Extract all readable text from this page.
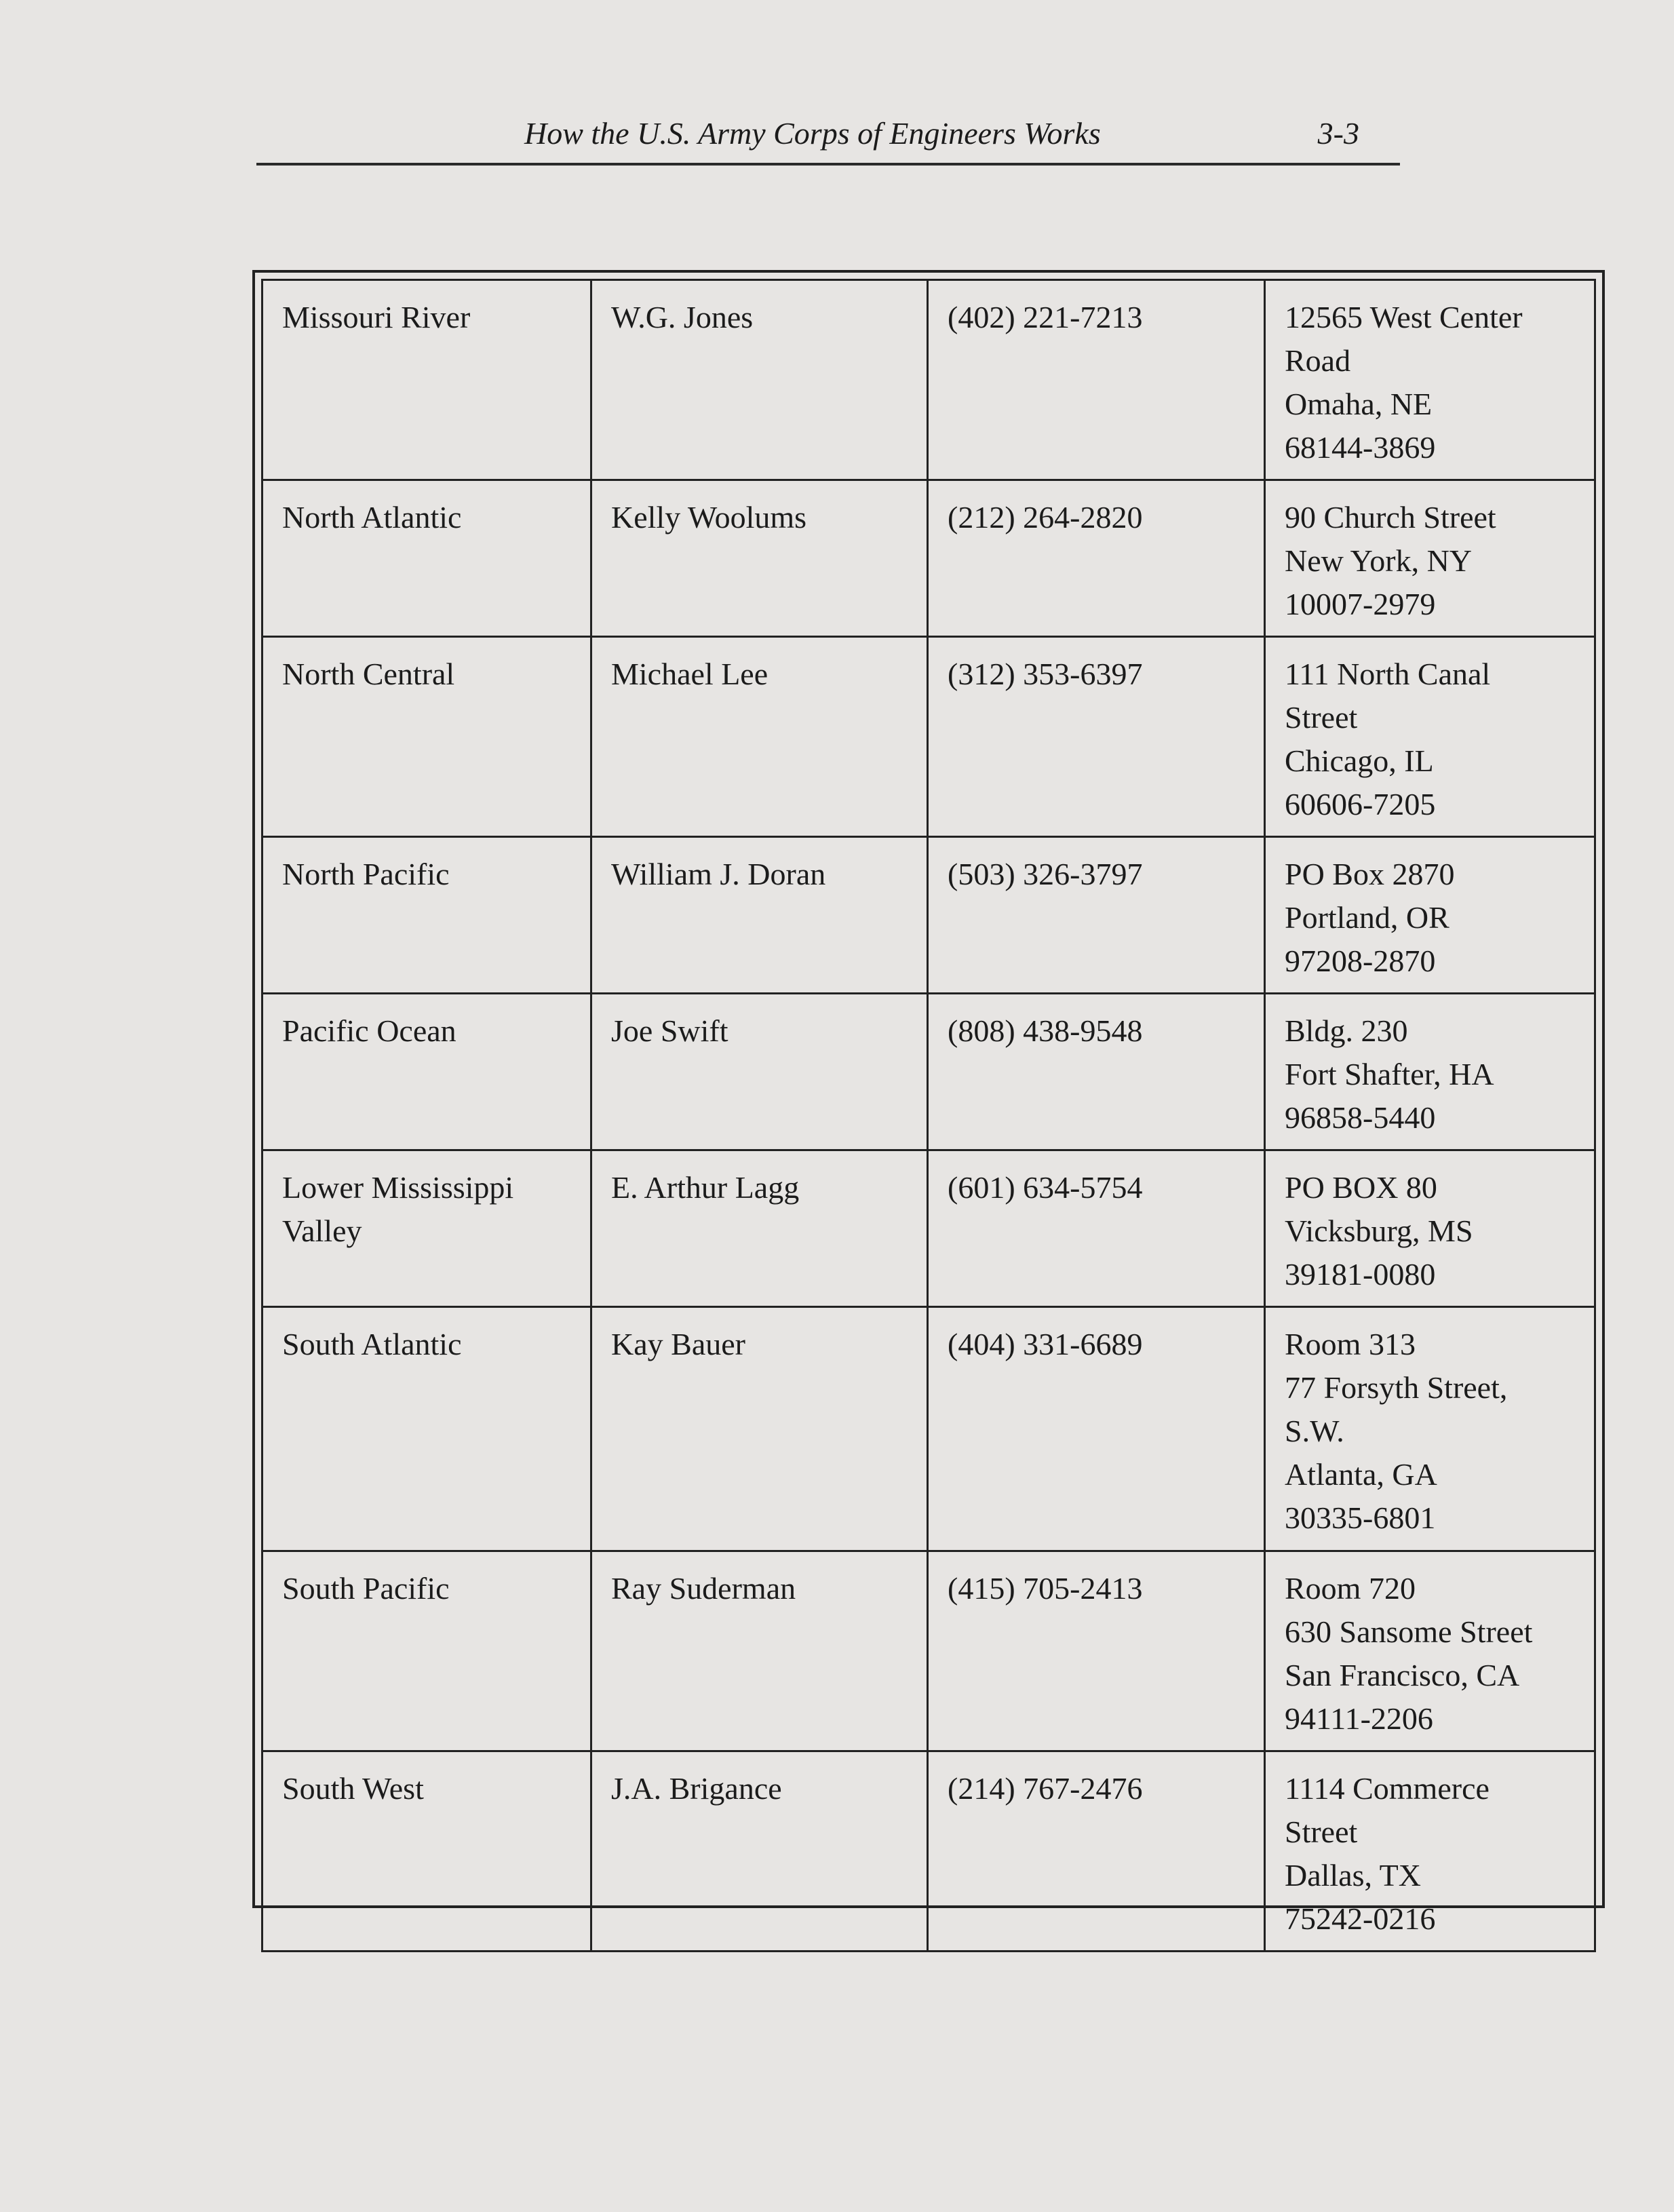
How the U.S. Army Corps of Engineers Works	3-3
Missouri River	W.G. Jones	(402) 221-7213	12565 West Center
Road
Omaha, NE
68144-3869

North Atlantic	Kelly Woolums	(212) 264-2820	90 Church Street
New York, NY
10007-2979

North Central	Michael Lee	(312) 353-6397	111 North Canal
Street
Chicago, IL
60606-7205

North Pacific	William J. Doran	(503) 326-3797	PO Box 2870
Portland, OR
97208-2870

Pacific Ocean	Joe Swift	(808) 438-9548	Bldg. 230
Fort Shafter, HA
96858-5440

Lower Mississippi Valley	E. Arthur Lagg	(601) 634-5754	PO BOX 80
Vicksburg, MS
39181-0080

South Atlantic	Kay Bauer	(404) 331-6689	Room 313
77 Forsyth Street,
S.W.
Atlanta, GA
30335-6801

South Pacific	Ray Suderman	(415) 705-2413	Room 720
630 Sansome Street
San Francisco, CA
94111-2206

South West	J.A. Brigance	(214) 767-2476	1114 Commerce
Street
Dallas, TX
75242-0216
